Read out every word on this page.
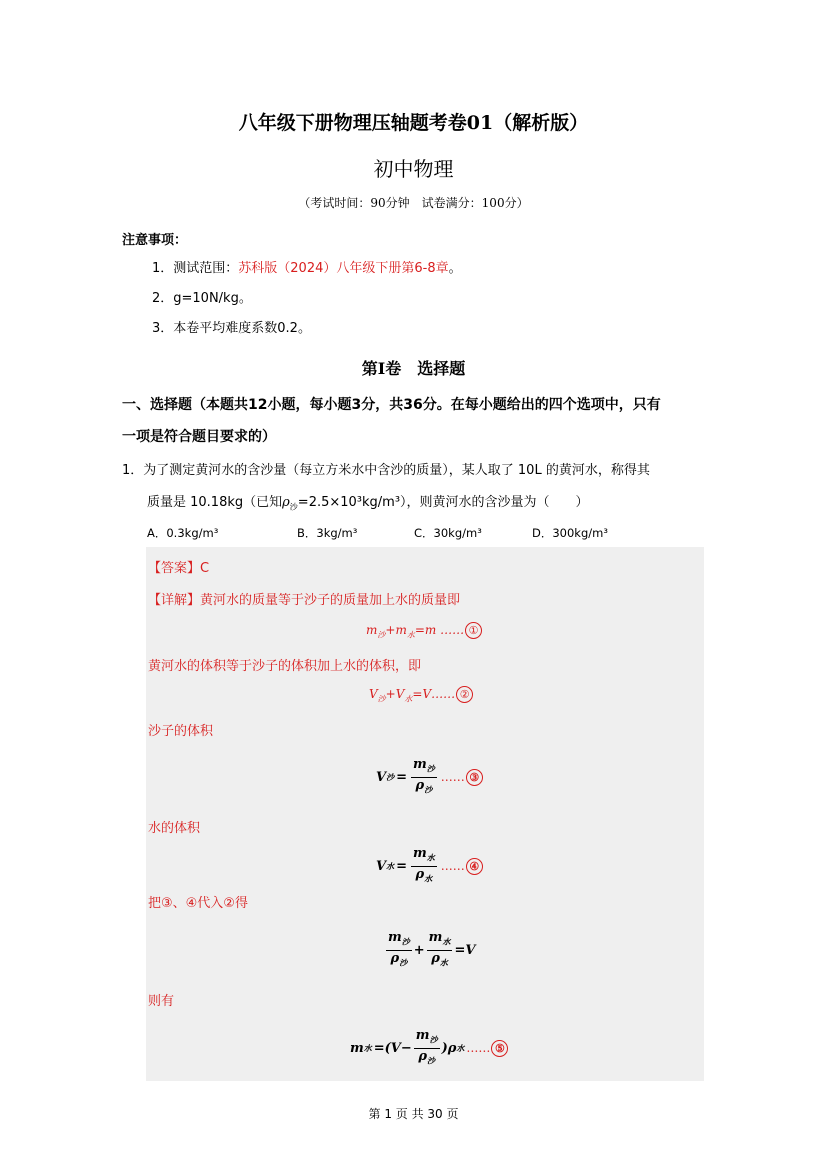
八年级下册物理压轴题考卷01（解析版）
初中物理
（考试时间：90分钟　试卷满分：100分）
注意事项：
1．测试范围：苏科版（2024）八年级下册第6-8章。
2．g=10N/kg。
3．本卷平均难度系数0.2。
第Ⅰ卷　选择题
一、选择题（本题共12小题，每小题3分，共36分。在每小题给出的四个选项中，只有
一项是符合题目要求的）
1．为了测定黄河水的含沙量（每立方米水中含沙的质量），某人取了 10L 的黄河水，称得其
质量是 10.18kg（已知$\rho_沙=2.5\times 10^3kg/m^3$），则黄河水的含沙量为（　　）
A．0.3kg/m³	B．3kg/m³	C．30kg/m³	D．300kg/m³
【答案】C
【详解】黄河水的质量等于沙子的质量加上水的质量即
$m_沙+m_水=m$ …… ①
黄河水的体积等于沙子的体积加上水的体积，即
$V_沙+V_水=V\dots\dots$ ②
沙子的体积
V 沙 = $\frac{m_沙}{\rho_沙}$ …… ③
水的体积
V 水 = $\frac{m_水}{\rho_水}$ …… ④
把③、④代入②得
$\frac{m_沙}{\rho_沙} + \frac{m_水}{\rho_水} =V$
则有
m 水 $=(V- \frac{m_沙}{\rho_沙}$ ) ρ 水 …… ⑤
第 1 页 共 30 页
